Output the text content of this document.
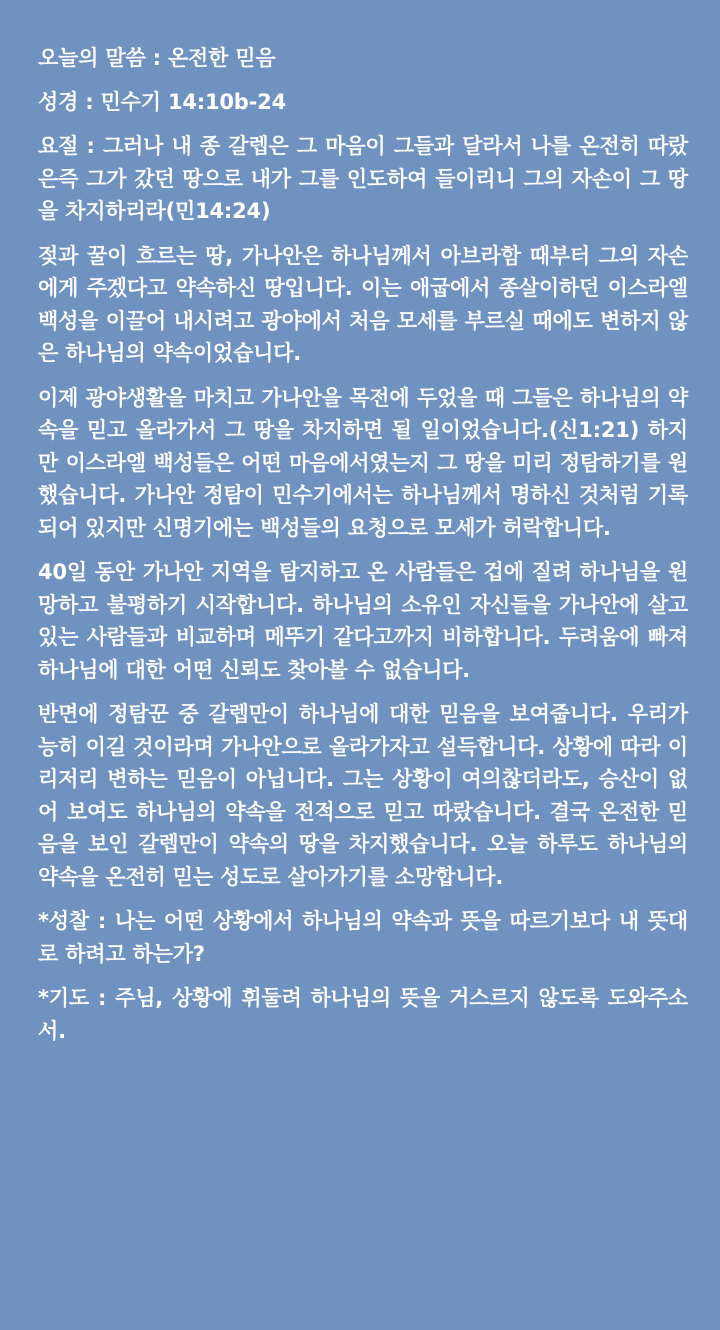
오늘의 말씀 : 온전한 믿음
성경 : 민수기 14:10b-24
요절 : 그러나 내 종 갈렙은 그 마음이 그들과 달라서 나를 온전히 따랐은즉 그가 갔던 땅으로 내가 그를 인도하여 들이리니 그의 자손이 그 땅을 차지하리라(민14:24)
젖과 꿀이 흐르는 땅, 가나안은 하나님께서 아브라함 때부터 그의 자손에게 주겠다고 약속하신 땅입니다. 이는 애굽에서 종살이하던 이스라엘 백성을 이끌어 내시려고 광야에서 처음 모세를 부르실 때에도 변하지 않은 하나님의 약속이었습니다.
이제 광야생활을 마치고 가나안을 목전에 두었을 때 그들은 하나님의 약속을 믿고 올라가서 그 땅을 차지하면 될 일이었습니다.(신1:21) 하지만 이스라엘 백성들은 어떤 마음에서였는지 그 땅을 미리 정탐하기를 원했습니다. 가나안 정탐이 민수기에서는 하나님께서 명하신 것처럼 기록되어 있지만 신명기에는 백성들의 요청으로 모세가 허락합니다.
40일 동안 가나안 지역을 탐지하고 온 사람들은 겁에 질려 하나님을 원망하고 불평하기 시작합니다. 하나님의 소유인 자신들을 가나안에 살고 있는 사람들과 비교하며 메뚜기 같다고까지 비하합니다. 두려움에 빠져 하나님에 대한 어떤 신뢰도 찾아볼 수 없습니다.
반면에 정탐꾼 중 갈렙만이 하나님에 대한 믿음을 보여줍니다. 우리가 능히 이길 것이라며 가나안으로 올라가자고 설득합니다. 상황에 따라 이리저리 변하는 믿음이 아닙니다. 그는 상황이 여의찮더라도, 승산이 없어 보여도 하나님의 약속을 전적으로 믿고 따랐습니다. 결국 온전한 믿음을 보인 갈렙만이 약속의 땅을 차지했습니다. 오늘 하루도 하나님의 약속을 온전히 믿는 성도로 살아가기를 소망합니다.
*성찰 : 나는 어떤 상황에서 하나님의 약속과 뜻을 따르기보다 내 뜻대로 하려고 하는가?
*기도 : 주님, 상황에 휘둘려 하나님의 뜻을 거스르지 않도록 도와주소서.
